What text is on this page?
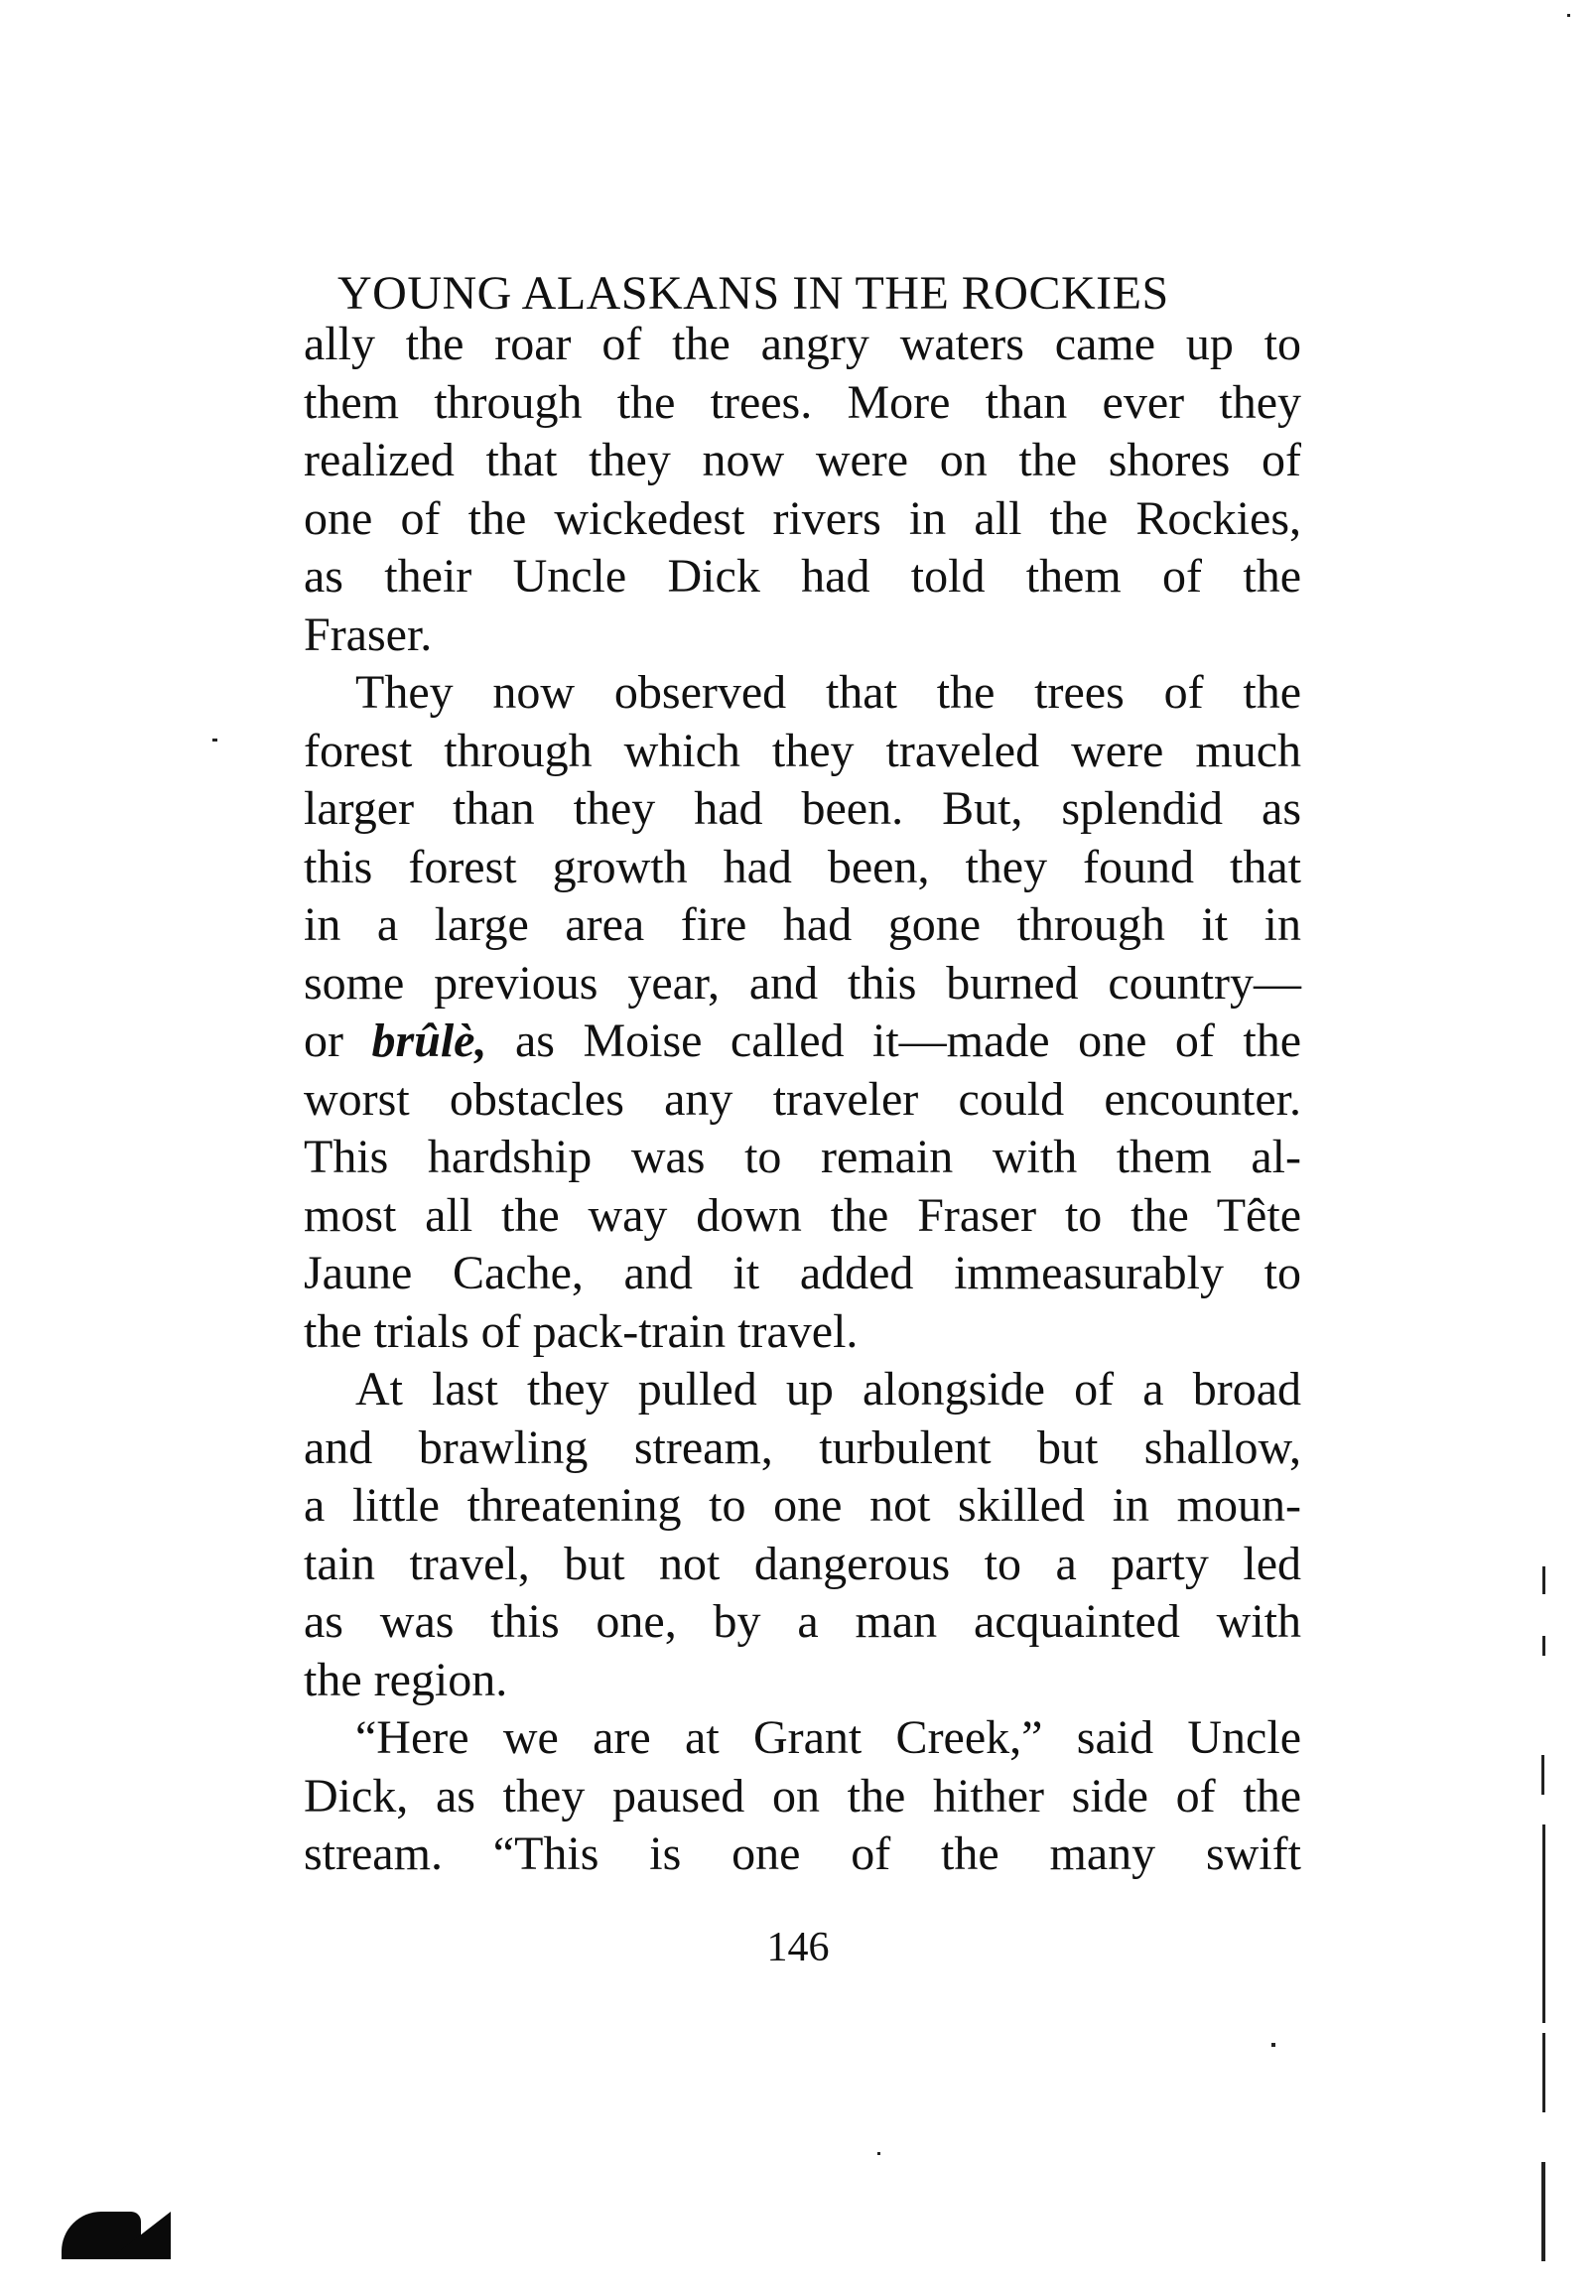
YOUNG ALASKANS IN THE ROCKIES
ally the roar of the angry waters came up to
them through the trees. More than ever they
realized that they now were on the shores of
one of the wickedest rivers in all the Rockies,
as their Uncle Dick had told them of the
Fraser.
They now observed that the trees of the
forest through which they traveled were much
larger than they had been. But, splendid as
this forest growth had been, they found that
in a large area fire had gone through it in
some previous year, and this burned country—
or brûlè, as Moise called it—made one of the
worst obstacles any traveler could encounter.
This hardship was to remain with them al-
most all the way down the Fraser to the Tête
Jaune Cache, and it added immeasurably to
the trials of pack-train travel.
At last they pulled up alongside of a broad
and brawling stream, turbulent but shallow,
a little threatening to one not skilled in moun-
tain travel, but not dangerous to a party led
as was this one, by a man acquainted with
the region.
“Here we are at Grant Creek,” said Uncle
Dick, as they paused on the hither side of the
stream. “This is one of the many swift
146
